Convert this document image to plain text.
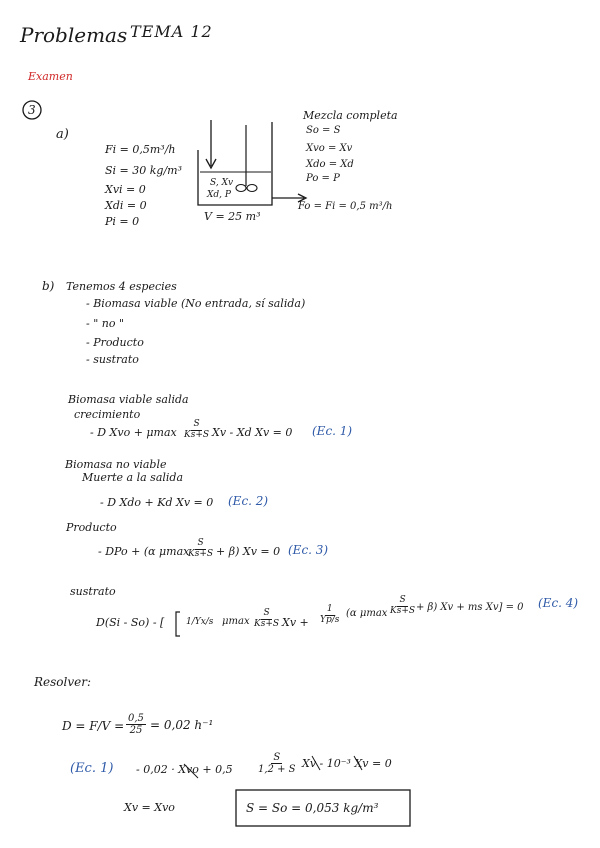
Problemas TEMA 12
Examen
3
a)
Fi = 0,5m³/h
Si = 30 kg/m³
Xvi = 0
Xdi = 0
Pi = 0
S, Xv
Xd, P
V = 25 m³
Mezcla completa
So = S
Xvo = Xv
Xdo = Xd
Po = P
Fo = Fi = 0,5 m³/h
b) Tenemos 4 especies
- Biomasa viable (No entrada, sí salida)
- " no "
- Producto
- sustrato
Biomasa viable salida
crecimiento
- D Xvo + μmax $\frac{S}{Ks+S}$ Xv - Xd Xv = 0 (Ec. 1)
Biomasa no viable
Muerte a la salida
- D Xdo + Kd Xv = 0 (Ec. 2)
Producto
- DPo + (α μmax
$\frac{S}{Ks+S} + \beta$) Xv = 0 (Ec. 3)
sustrato
D(Si - So) - [ 1/Yx/s μmax $\frac{S}{Ks+S}$ $Xv + \frac{1}{Yp/s} (\alpha$ μmax $\frac{S}{Ks+S}$
+ β) Xv + ms Xv] = 0 (Ec. 4)
Resolver:
$D = F/V = \frac{0,5}{25} = 0,02$ h⁻¹
(Ec. 1) - 0,02 · Xvo + $0,5 \frac{S}{1,2 + S}$ Xv - 10⁻³ Xv = 0
Xv = Xvo	S = So = 0,053 kg/m³
